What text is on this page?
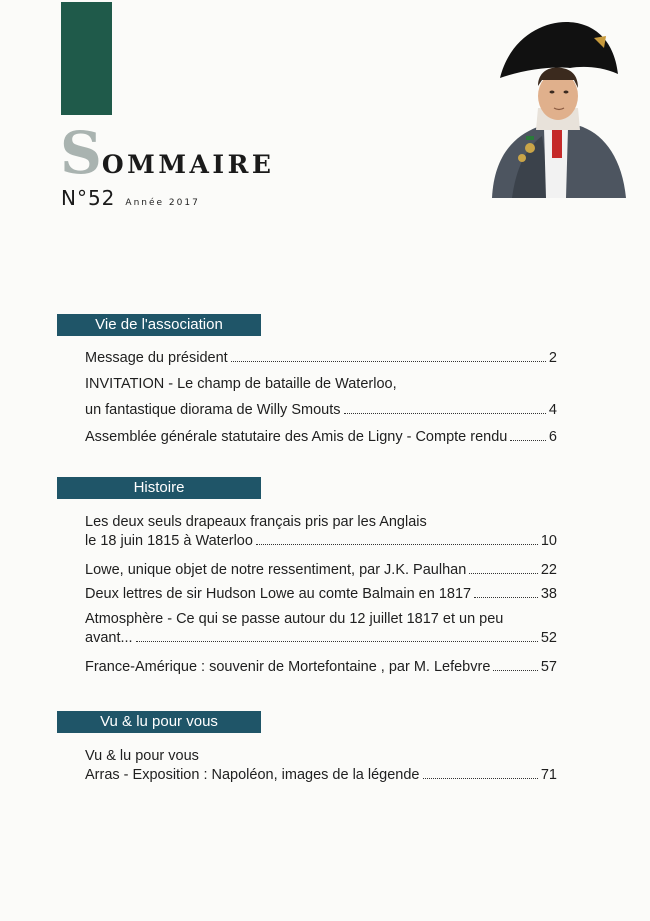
SOMMAIRE
N°52 Année 2017
Vie de l'association
Message du président	2
INVITATION - Le champ de bataille de Waterloo,
un fantastique diorama de Willy Smouts	4
Assemblée générale statutaire des Amis de Ligny - Compte rendu	6
Histoire
Les deux seuls drapeaux français pris par les Anglais
le 18 juin 1815 à Waterloo	10
Lowe, unique objet de notre ressentiment, par J.K. Paulhan	22
Deux lettres de sir Hudson Lowe au comte Balmain en 1817	38
Atmosphère - Ce qui se passe autour du 12 juillet 1817 et un peu
avant...	52
France-Amérique : souvenir de Mortefontaine , par M. Lefebvre	57
Vu & lu pour vous
Vu & lu pour vous
Arras - Exposition : Napoléon, images de la légende	71
